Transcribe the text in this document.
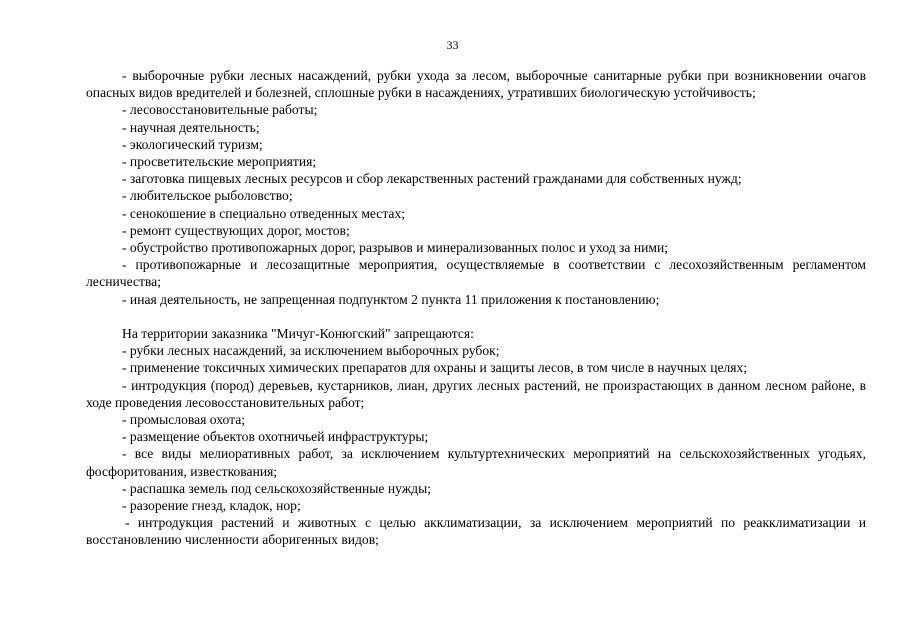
33

- выборочные рубки лесных насаждений, рубки ухода за лесом, выборочные санитарные рубки при возникновении очагов опасных видов вредителей и болезней, сплошные рубки в насаждениях, утративших биологическую устойчивость;

- лесовосстановительные работы;

- научная деятельность;

- экологический туризм;

- просветительские мероприятия;

- заготовка пищевых лесных ресурсов и сбор лекарственных растений гражданами для собственных нужд;

- любительское рыболовство;

- сенокошение в специально отведенных местах;

- ремонт существующих дорог, мостов;

- обустройство противопожарных дорог, разрывов и минерализованных полос и уход за ними;

- противопожарные и лесозащитные мероприятия, осуществляемые в соответствии с лесохозяйственным регламентом лесничества;

- иная деятельность, не запрещенная подпунктом 2 пункта 11 приложения к постановлению;

На территории заказника "Мичуг-Конюгский" запрещаются:

- рубки лесных насаждений, за исключением выборочных рубок;

- применение токсичных химических препаратов для охраны и защиты лесов, в том числе в научных целях;

- интродукция (пород) деревьев, кустарников, лиан, других лесных растений, не произрастающих в данном лесном районе, в ходе проведения лесовосстановительных работ;

- промысловая охота;

- размещение объектов охотничьей инфраструктуры;

- все виды мелиоративных работ, за исключением культуртехнических мероприятий на сельскохозяйственных угодьях, фосфоритования, известкования;

- распашка земель под сельскохозяйственные нужды;

- разорение гнезд, кладок, нор;

- интродукция растений и животных с целью акклиматизации, за исключением мероприятий по реакклиматизации и восстановлению численности аборигенных видов;
